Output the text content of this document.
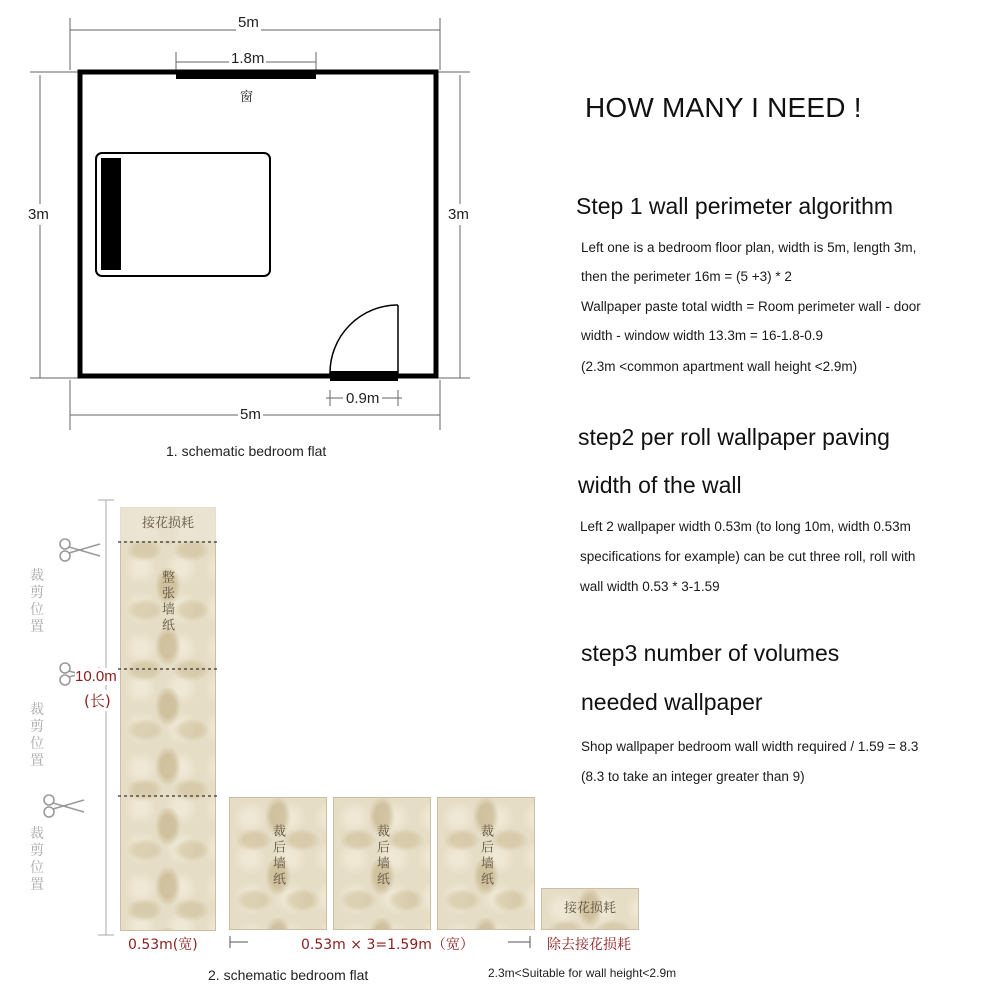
5m
1.8m
窗
3m	3m
0.9m
5m
1. schematic bedroom flat
HOW MANY I NEED !
Step 1 wall perimeter algorithm
Left one is a bedroom floor plan, width is 5m, length 3m,
then the perimeter 16m = (5 +3) * 2
Wallpaper paste total width = Room perimeter wall - door
width - window width 13.3m = 16-1.8-0.9
(2.3m <common apartment wall height <2.9m)
step2 per roll wallpaper paving
width of the wall
Left 2 wallpaper width 0.53m (to long 10m, width 0.53m
specifications for example) can be cut three roll, roll with
wall width 0.53 * 3-1.59
step3 number of volumes
needed wallpaper
Shop wallpaper bedroom wall width required / 1.59 = 8.3
(8.3 to take an integer greater than 9)
接花损耗
整张墙纸
裁剪位置
裁剪位置
裁剪位置
10.0m
(长)
裁后墙纸	裁后墙纸	裁后墙纸
接花损耗
0.53m(宽)	0.53m × 3=1.59m（宽）	除去接花损耗
2. schematic bedroom flat	2.3m<Suitable for wall height<2.9m
